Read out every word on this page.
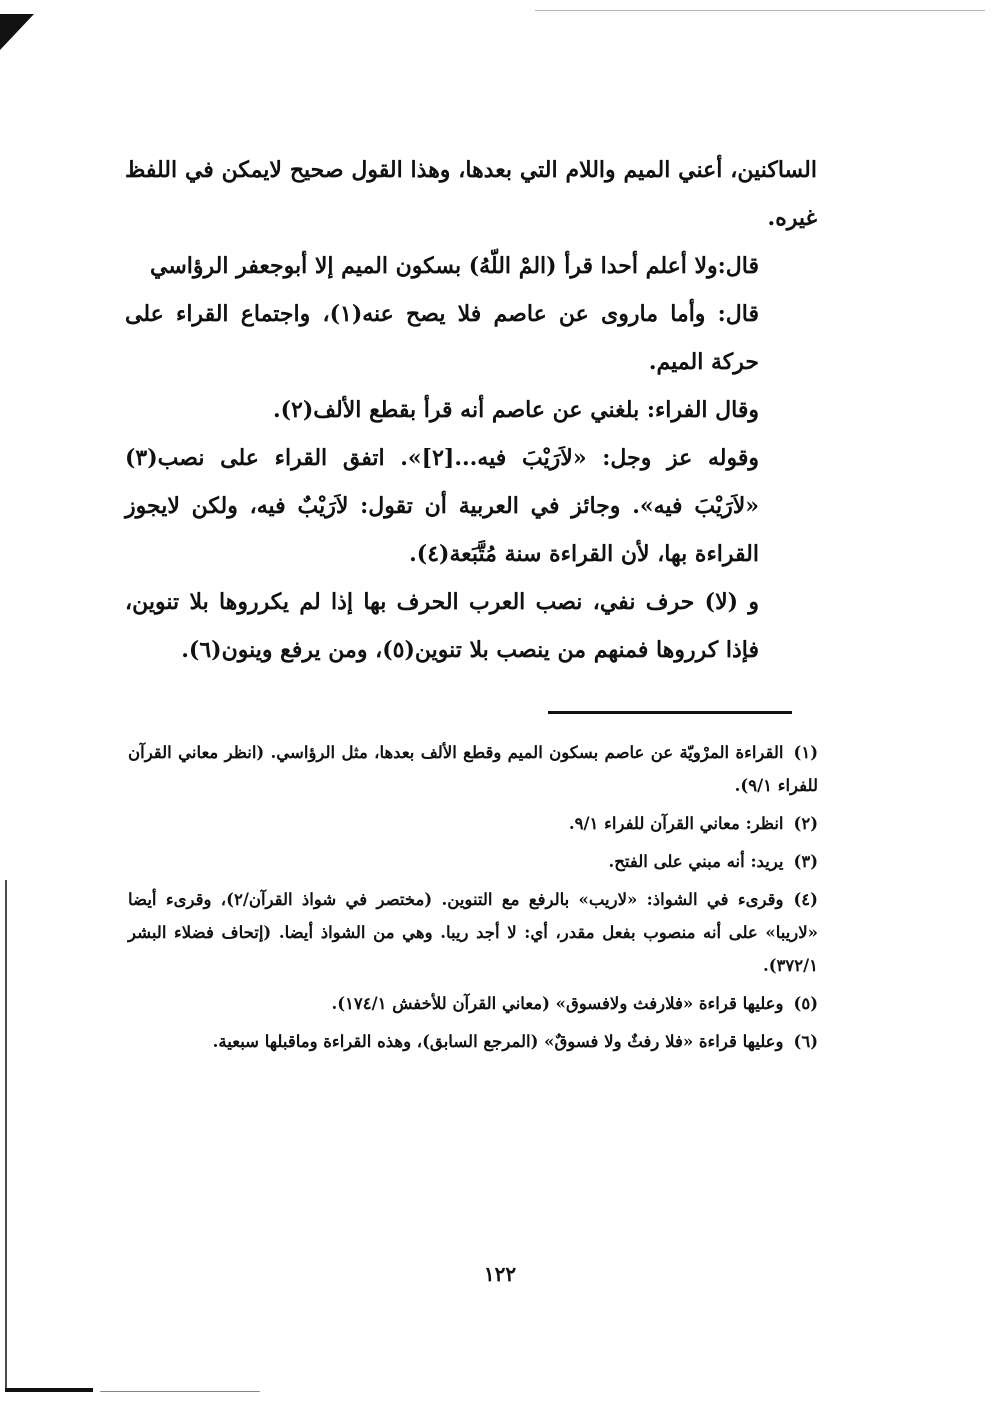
الساكنين، أعني الميم واللام التي بعدها، وهذا القول صحيح لايمكن في اللفظ غيره.

قال:ولا أعلم أحدا قرأ (المْ اللّهُ) بسكون الميم إلا أبوجعفر الرؤاسي

قال: وأما ماروى عن عاصم فلا يصح عنه(١)، واجتماع القراء على حركة الميم.

وقال الفراء: بلغني عن عاصم أنه قرأ بقطع الألف(٢).

وقوله عز وجل: «لاَرَيْبَ فيه...[٢]». اتفق القراء على نصب(٣) «لاَرَيْبَ فيه». وجائز في العربية أن تقول: لاَرَيْبٌ فيه، ولكن لايجوز القراءة بها، لأن القراءة سنة مُتَّبَعة(٤).

و (لا) حرف نفي، نصب العرب الحرف بها إذا لم يكرروها بلا تنوين، فإذا كرروها فمنهم من ينصب بلا تنوين(٥)، ومن يرفع وينون(٦).

(١)القراءة المرْويّة عن عاصم بسكون الميم وقطع الألف بعدها، مثل الرؤاسي. (انظر معاني القرآن للفراء ٩/١).

(٢)انظر: معاني القرآن للفراء ٩/١.

(٣)يريد: أنه مبني على الفتح.

(٤)وقرىء في الشواذ: «لاريب» بالرفع مع التنوين. (مختصر في شواذ القرآن/٢)، وقرىء أيضا «لاريبا» على أنه منصوب بفعل مقدر، أي: لا أجد ريبا. وهي من الشواذ أيضا. (إتحاف فضلاء البشر ٣٧٢/١).

(٥)وعليها قراءة «فلارفث ولافسوق» (معاني القرآن للأخفش ١٧٤/١).

(٦)وعليها قراءة «فلا رفثٌ ولا فسوقٌ» (المرجع السابق)، وهذه القراءة وماقبلها سبعية.

١٢٢
